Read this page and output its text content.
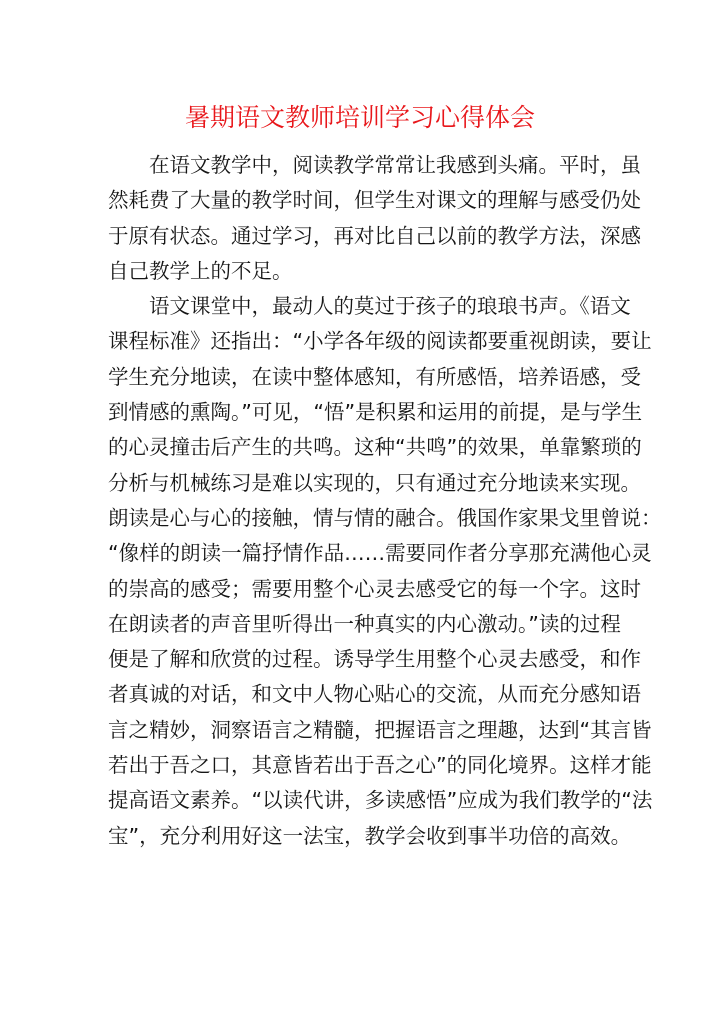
暑期语文教师培训学习心得体会
在语文教学中，阅读教学常常让我感到头痛。平时，虽
然耗费了大量的教学时间，但学生对课文的理解与感受仍处
于原有状态。通过学习，再对比自己以前的教学方法，深感
自己教学上的不足。
语文课堂中，最动人的莫过于孩子的琅琅书声。《语文
课程标准》还指出：“小学各年级的阅读都要重视朗读，要让
学生充分地读，在读中整体感知，有所感悟，培养语感，受
到情感的熏陶。”可见，“悟”是积累和运用的前提，是与学生
的心灵撞击后产生的共鸣。这种“共鸣”的效果，单靠繁琐的
分析与机械练习是难以实现的，只有通过充分地读来实现。
朗读是心与心的接触，情与情的融合。俄国作家果戈里曾说：
“像样的朗读一篇抒情作品……需要同作者分享那充满他心灵
的崇高的感受；需要用整个心灵去感受它的每一个字。这时
在朗读者的声音里听得出一种真实的内心激动。”读的过程
便是了解和欣赏的过程。诱导学生用整个心灵去感受，和作
者真诚的对话，和文中人物心贴心的交流，从而充分感知语
言之精妙，洞察语言之精髓，把握语言之理趣，达到“其言皆
若出于吾之口，其意皆若出于吾之心”的同化境界。这样才能
提高语文素养。“以读代讲，多读感悟”应成为我们教学的“法
宝”，充分利用好这一法宝，教学会收到事半功倍的高效。
